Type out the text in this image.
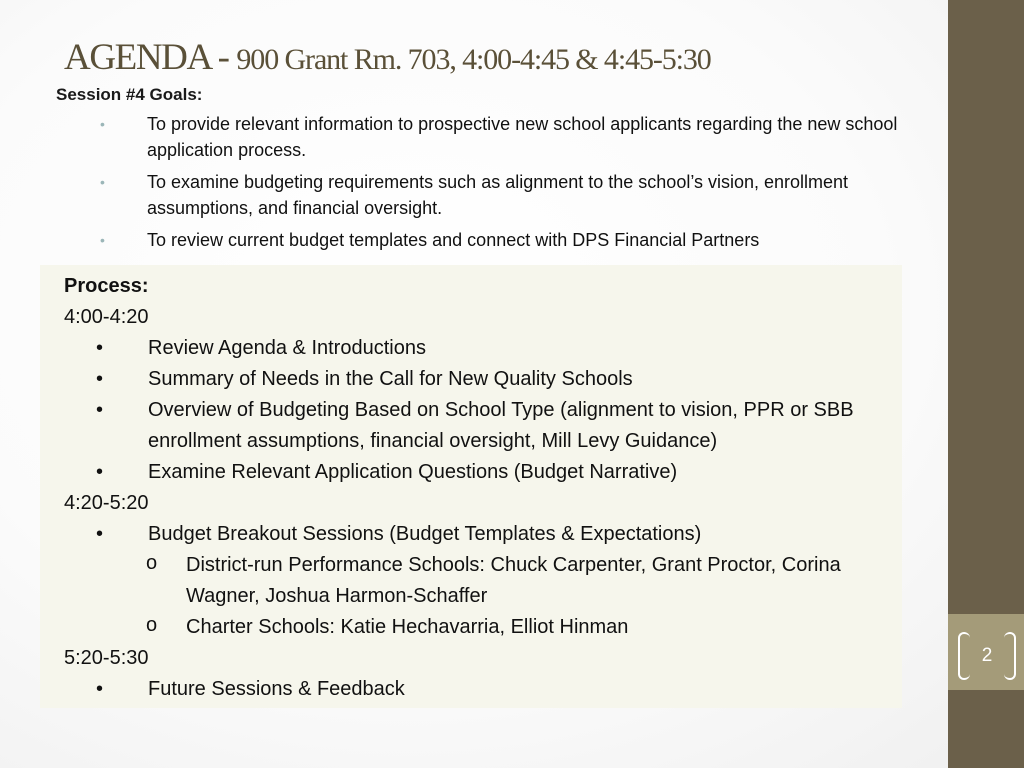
2
AGENDA - 900 Grant Rm. 703, 4:00-4:45 & 4:45-5:30
Session #4 Goals:
• To provide relevant information to prospective new school applicants regarding the new school application process.
• To examine budgeting requirements such as alignment to the school’s vision, enrollment assumptions, and financial oversight.
• To review current budget templates and connect with DPS Financial Partners

Process:

4:00-4:20

• Review Agenda & Introductions

• Summary of Needs in the Call for New Quality Schools

• Overview of Budgeting Based on School Type (alignment to vision, PPR or SBB enrollment assumptions, financial oversight, Mill Levy Guidance)

• Examine Relevant Application Questions (Budget Narrative)

4:20-5:20

• Budget Breakout Sessions (Budget Templates & Expectations)

o District-run Performance Schools: Chuck Carpenter, Grant Proctor, Corina Wagner, Joshua Harmon-Schaffer

o Charter Schools: Katie Hechavarria, Elliot Hinman

5:20-5:30

• Future Sessions & Feedback
